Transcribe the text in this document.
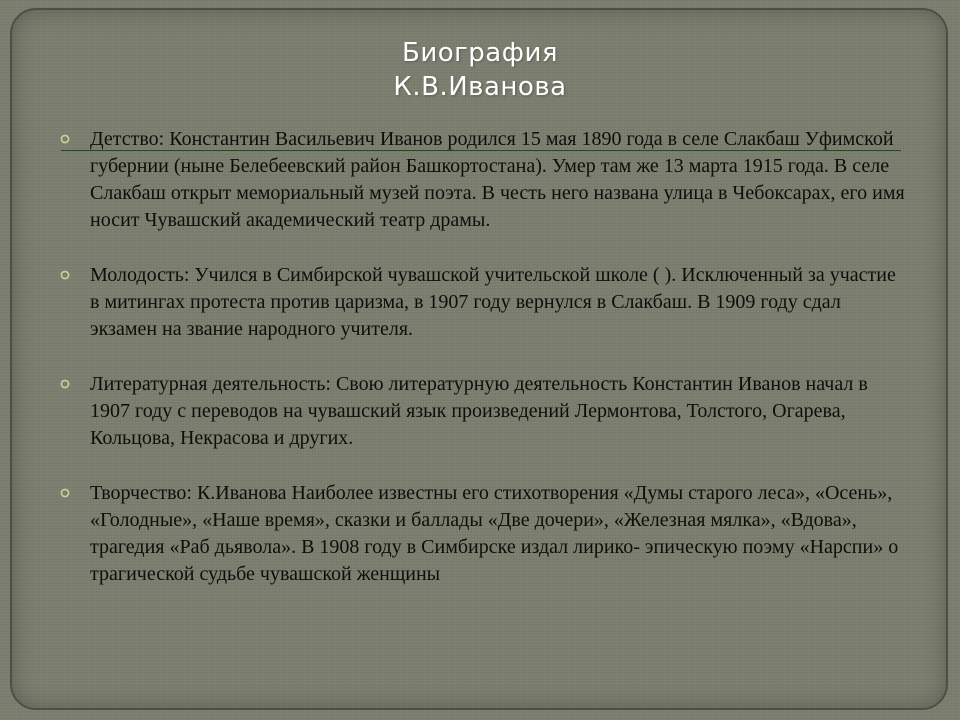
Биография
К.В.Иванова
Детство: Константин Васильевич Иванов родился 15 мая 1890 года в селе Слакбаш Уфимской губернии (ныне Белебеевский район Башкортостана). Умер там же 13 марта 1915 года. В селе Слакбаш открыт мемориальный музей поэта. В честь него названа улица в Чебоксарах, его имя носит Чувашский академический театр драмы.
Молодость: Учился в Симбирской чувашской учительской школе ( ). Исключенный за участие в митингах протеста против царизма, в 1907 году вернулся в Слакбаш. В 1909 году сдал экзамен на звание народного учителя.
Литературная деятельность: Свою литературную деятельность Константин Иванов начал в 1907 году с переводов на чувашский язык произведений Лермонтова, Толстого, Огарева, Кольцова, Некрасова и других.
Творчество: К.Иванова Наиболее известны его стихотворения «Думы старого леса», «Осень», «Голодные», «Наше время», сказки и баллады «Две дочери», «Железная мялка», «Вдова», трагедия «Раб дьявола». В 1908 году в Симбирске издал лирико- эпическую поэму «Нарспи» о трагической судьбе чувашской женщины
